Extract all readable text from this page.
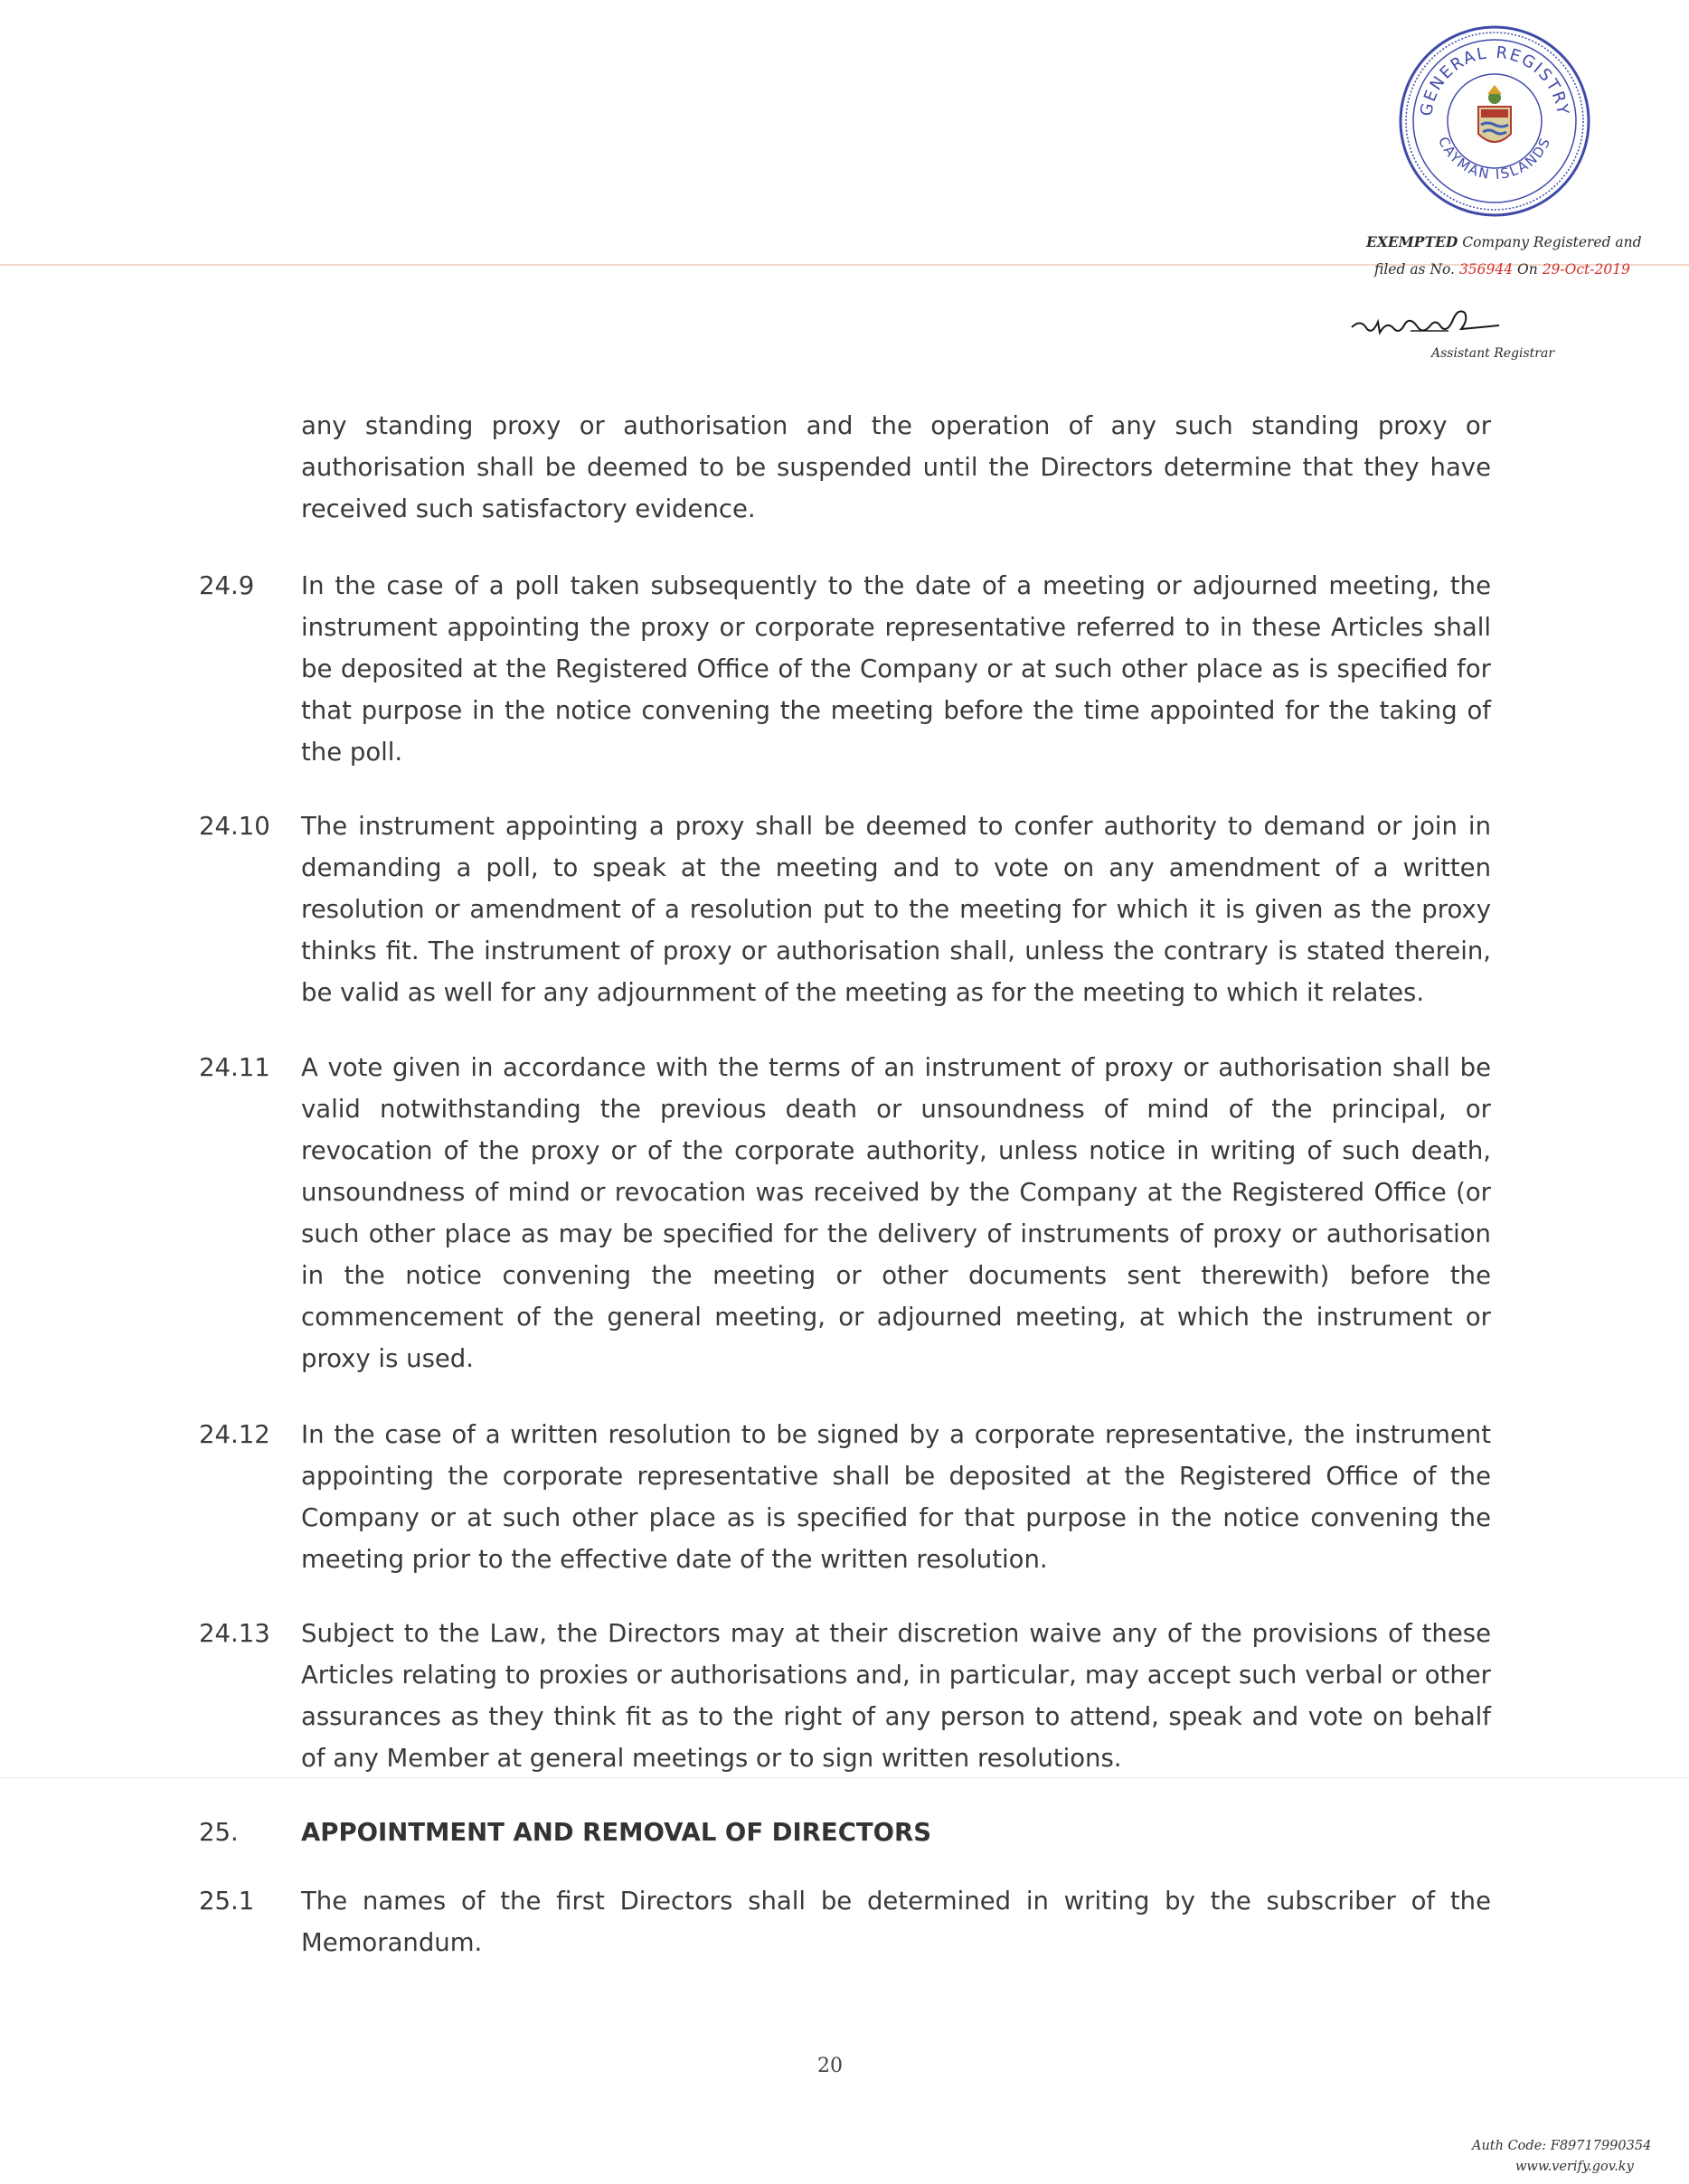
GENERAL REGISTRY
CAYMAN ISLANDS
EXEMPTED Company Registered and
filed as No. 356944 On 29-Oct-2019
Assistant Registrar
any standing proxy or authorisation and the operation of any such standing proxy or authorisation shall be deemed to be suspended until the Directors determine that they have received such satisfactory evidence.
24.9 In the case of a poll taken subsequently to the date of a meeting or adjourned meeting, the instrument appointing the proxy or corporate representative referred to in these Articles shall be deposited at the Registered Office of the Company or at such other place as is specified for that purpose in the notice convening the meeting before the time appointed for the taking of the poll.
24.10 The instrument appointing a proxy shall be deemed to confer authority to demand or join in demanding a poll, to speak at the meeting and to vote on any amendment of a written resolution or amendment of a resolution put to the meeting for which it is given as the proxy thinks fit. The instrument of proxy or authorisation shall, unless the contrary is stated therein, be valid as well for any adjournment of the meeting as for the meeting to which it relates.
24.11 A vote given in accordance with the terms of an instrument of proxy or authorisation shall be valid notwithstanding the previous death or unsoundness of mind of the principal, or revocation of the proxy or of the corporate authority, unless notice in writing of such death, unsoundness of mind or revocation was received by the Company at the Registered Office (or such other place as may be specified for the delivery of instruments of proxy or authorisation in the notice convening the meeting or other documents sent therewith) before the commencement of the general meeting, or adjourned meeting, at which the instrument or proxy is used.
24.12 In the case of a written resolution to be signed by a corporate representative, the instrument appointing the corporate representative shall be deposited at the Registered Office of the Company or at such other place as is specified for that purpose in the notice convening the meeting prior to the effective date of the written resolution.
24.13 Subject to the Law, the Directors may at their discretion waive any of the provisions of these Articles relating to proxies or authorisations and, in particular, may accept such verbal or other assurances as they think fit as to the right of any person to attend, speak and vote on behalf of any Member at general meetings or to sign written resolutions.
25.	APPOINTMENT AND REMOVAL OF DIRECTORS
25.1 The names of the first Directors shall be determined in writing by the subscriber of the Memorandum.
20
Auth Code: F89717990354
www.verify.gov.ky
